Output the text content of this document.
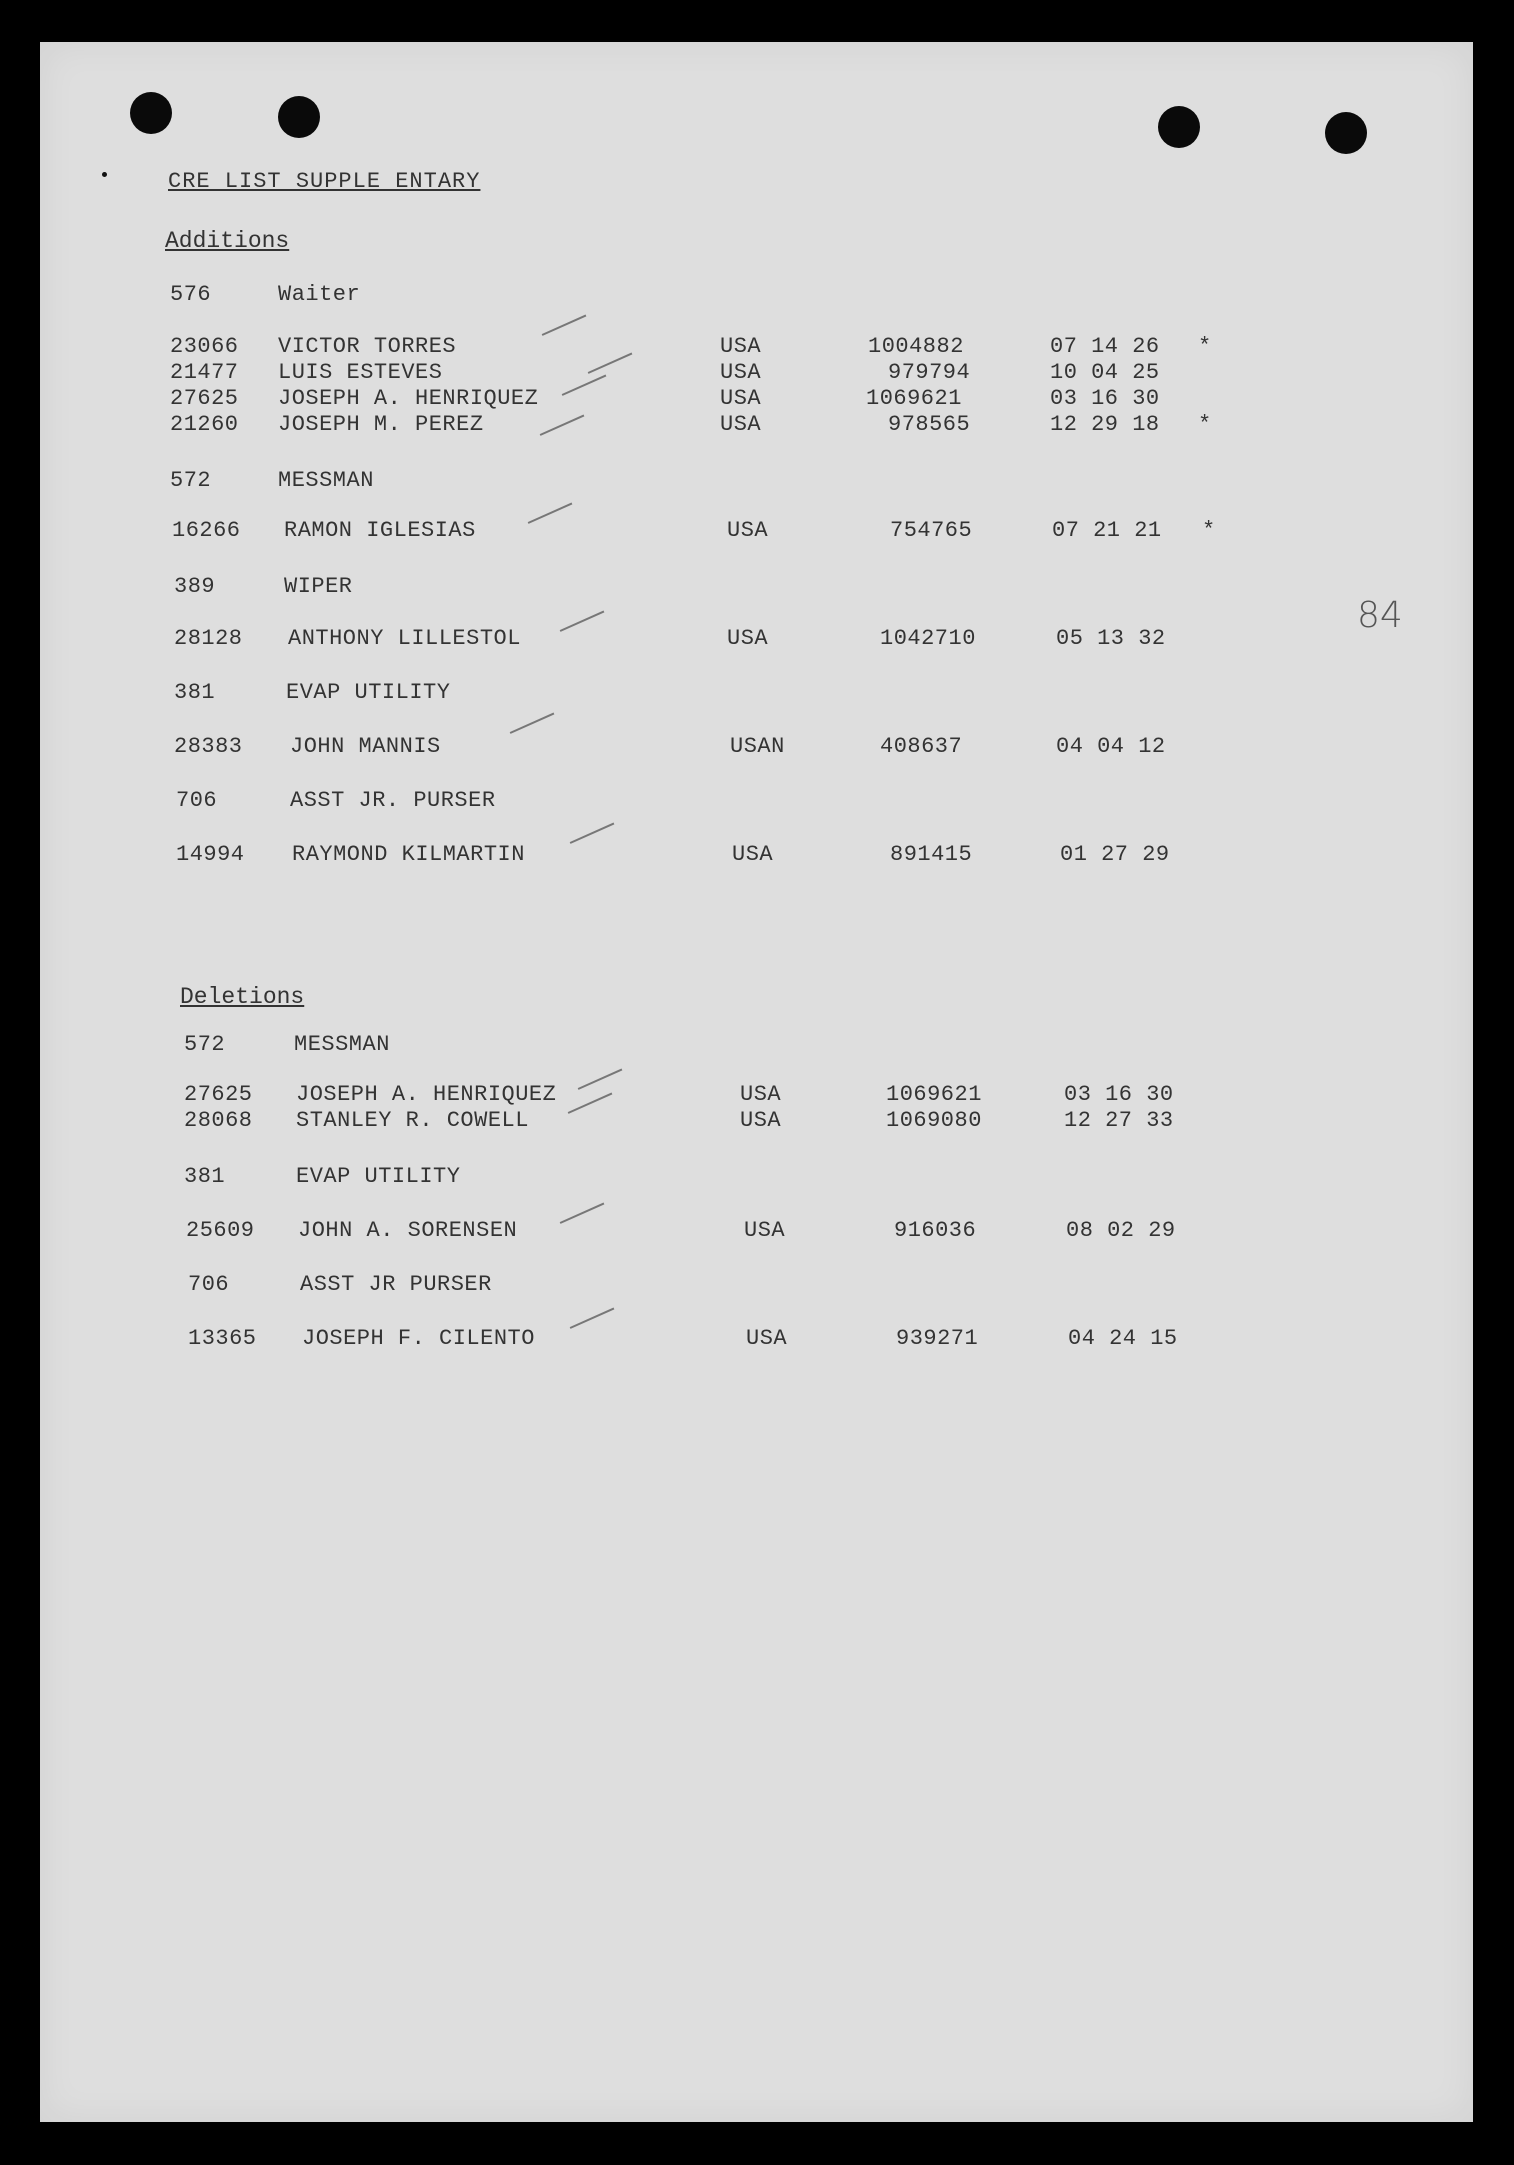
CRE LIST SUPPLE ENTARY
84
Additions
576	Waiter
23066 VICTOR TORRES	USA	1004882	07 14 26 *
21477 LUIS ESTEVES	USA	979794	10 04 25
27625 JOSEPH A. HENRIQUEZ	USA	1069621	03 16 30
21260 JOSEPH M. PEREZ	USA	978565	12 29 18 *
572	MESSMAN
16266 RAMON IGLESIAS	USA	754765	07 21 21 *
389	WIPER
28128 ANTHONY LILLESTOL	USA	1042710	05 13 32
381	EVAP UTILITY
28383 JOHN MANNIS	USAN	408637	04 04 12
706	ASST JR. PURSER
14994 RAYMOND KILMARTIN	USA	891415	01 27 29
Deletions
572	MESSMAN
27625 JOSEPH A. HENRIQUEZ	USA	1069621	03 16 30
28068 STANLEY R. COWELL	USA	1069080	12 27 33
381	EVAP UTILITY
25609 JOHN A. SORENSEN	USA	916036	08 02 29
706	ASST JR PURSER
13365 JOSEPH F. CILENTO	USA	939271	04 24 15
